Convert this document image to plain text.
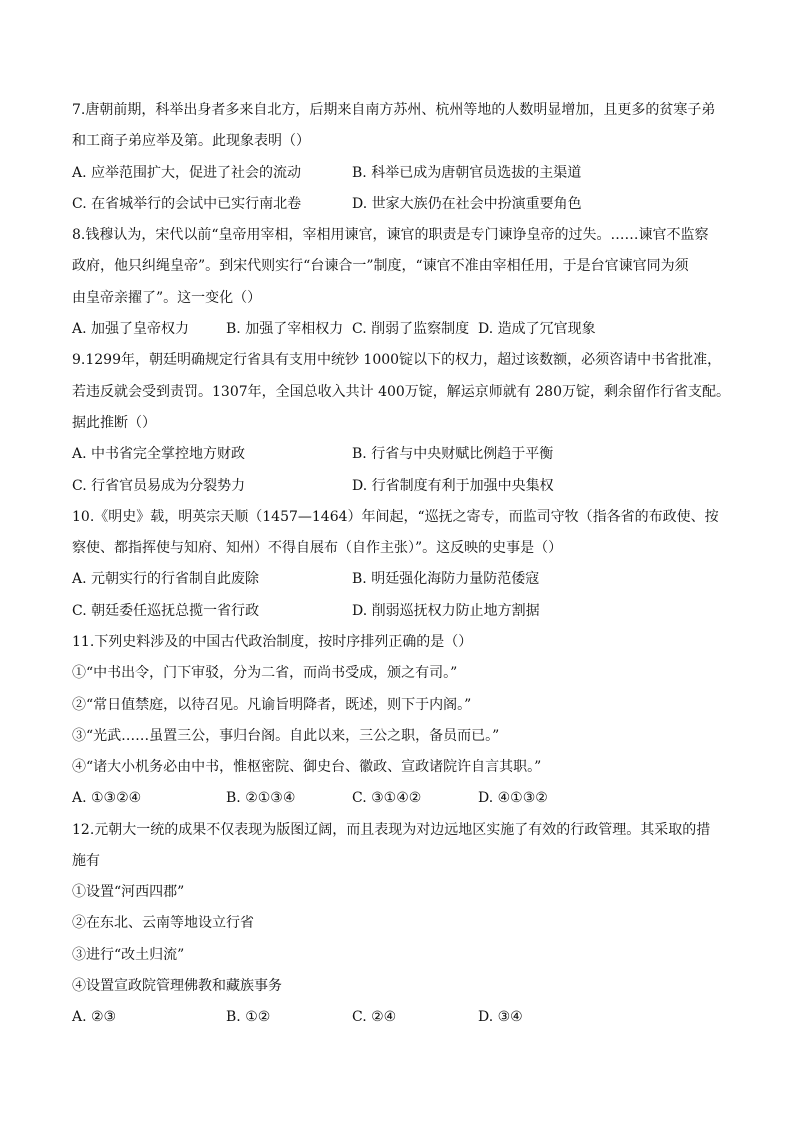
7.唐朝前期，科举出身者多来自北方，后期来自南方苏州、杭州等地的人数明显增加，且更多的贫寒子弟
和工商子弟应举及第。此现象表明（）
A. 应举范围扩大，促进了社会的流动	B. 科举已成为唐朝官员选拔的主渠道
C. 在省城举行的会试中已实行南北卷	D. 世家大族仍在社会中扮演重要角色
8.钱穆认为，宋代以前“皇帝用宰相，宰相用谏官，谏官的职责是专门谏诤皇帝的过失。……谏官不监察
政府，他只纠绳皇帝”。到宋代则实行“台谏合一”制度，“谏官不准由宰相任用，于是台官谏官同为须
由皇帝亲擢了”。这一变化（）
A. 加强了皇帝权力	B. 加强了宰相权力 C. 削弱了监察制度 D. 造成了冗官现象
9.1299年，朝廷明确规定行省具有支用中统钞 1000锭以下的权力，超过该数额，必须咨请中书省批准，
若违反就会受到责罚。1307年，全国总收入共计 400万锭，解运京师就有 280万锭，剩余留作行省支配。
据此推断（）
A. 中书省完全掌控地方财政	B. 行省与中央财赋比例趋于平衡
C. 行省官员易成为分裂势力	D. 行省制度有利于加强中央集权
10.《明史》载，明英宗天顺（1457—1464）年间起，“巡抚之寄专，而监司守牧（指各省的布政使、按
察使、都指挥使与知府、知州）不得自展布（自作主张）”。这反映的史事是（）
A. 元朝实行的行省制自此废除	B. 明廷强化海防力量防范倭寇
C. 朝廷委任巡抚总揽一省行政	D. 削弱巡抚权力防止地方割据
11.下列史料涉及的中国古代政治制度，按时序排列正确的是（）
①“中书出令，门下审驳，分为二省，而尚书受成，颁之有司。”
②“常日值禁庭，以待召见。凡谕旨明降者，既述，则下于内阁。”
③“光武……虽置三公，事归台阁。自此以来，三公之职，备员而已。”
④“诸大小机务必由中书，惟枢密院、御史台、徽政、宣政诸院许自言其职。”
A. ①③②④	B. ②①③④	C. ③①④②	D. ④①③②
12.元朝大一统的成果不仅表现为版图辽阔，而且表现为对边远地区实施了有效的行政管理。其采取的措
施有
①设置“河西四郡”
②在东北、云南等地设立行省
③进行“改土归流”
④设置宣政院管理佛教和藏族事务
A. ②③	B. ①②	C. ②④	D. ③④
